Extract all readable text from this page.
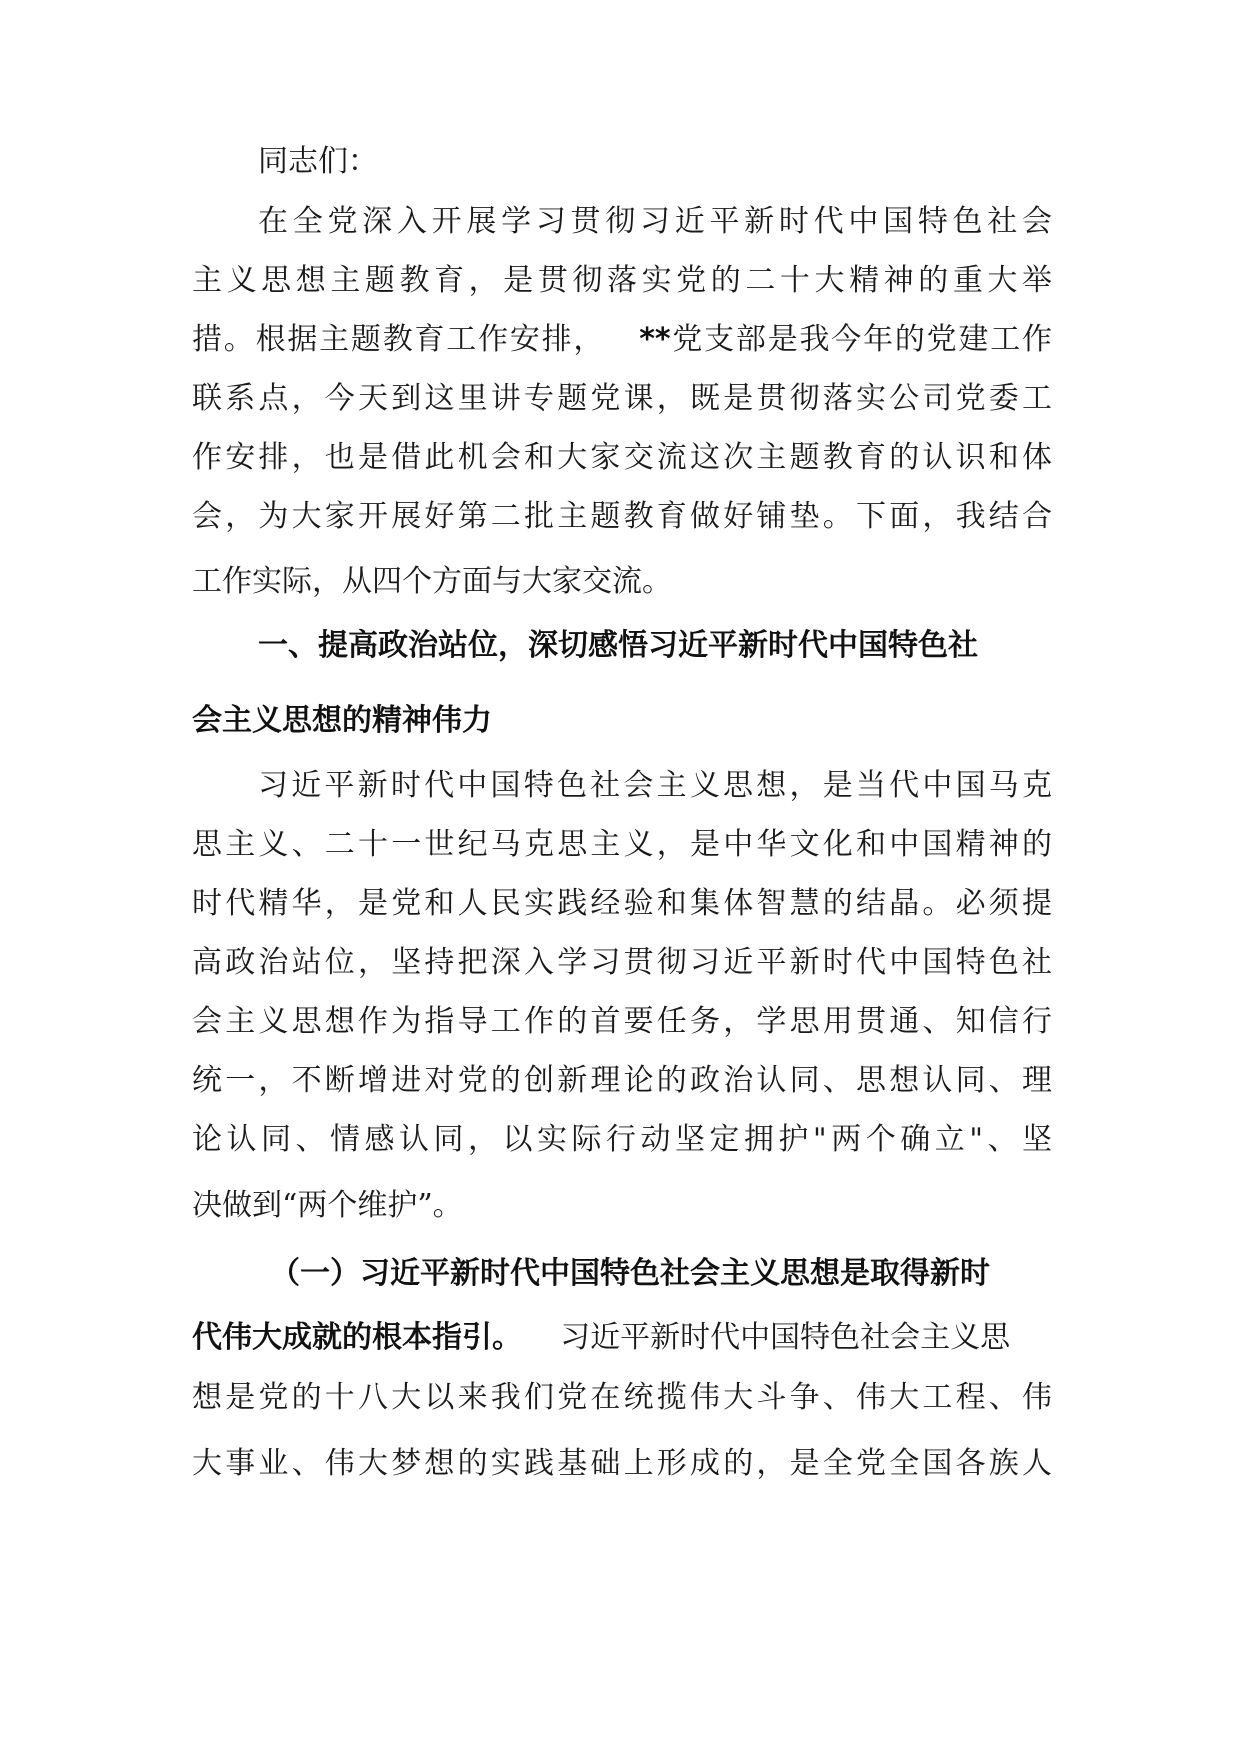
同志们：
在全党深入开展学习贯彻习近平新时代中国特色社会
主义思想主题教育，是贯彻落实党的二十大精神的重大举
措。根据主题教育工作安排， **党支部是我今年的党建工作
联系点，今天到这里讲专题党课，既是贯彻落实公司党委工
作安排，也是借此机会和大家交流这次主题教育的认识和体
会，为大家开展好第二批主题教育做好铺垫。下面，我结合
工作实际，从四个方面与大家交流。
一、提高政治站位，深切感悟习近平新时代中国特色社
会主义思想的精神伟力
习近平新时代中国特色社会主义思想，是当代中国马克
思主义、二十一世纪马克思主义，是中华文化和中国精神的
时代精华，是党和人民实践经验和集体智慧的结晶。必须提
高政治站位，坚持把深入学习贯彻习近平新时代中国特色社
会主义思想作为指导工作的首要任务，学思用贯通、知信行
统一，不断增进对党的创新理论的政治认同、思想认同、理
论认同、情感认同，以实际行动坚定拥护"两个确立"、坚
决做到“两个维护”。
（一）习近平新时代中国特色社会主义思想是取得新时
代伟大成就的根本指引。 习近平新时代中国特色社会主义思
想是党的十八大以来我们党在统揽伟大斗争、伟大工程、伟
大事业、伟大梦想的实践基础上形成的，是全党全国各族人
